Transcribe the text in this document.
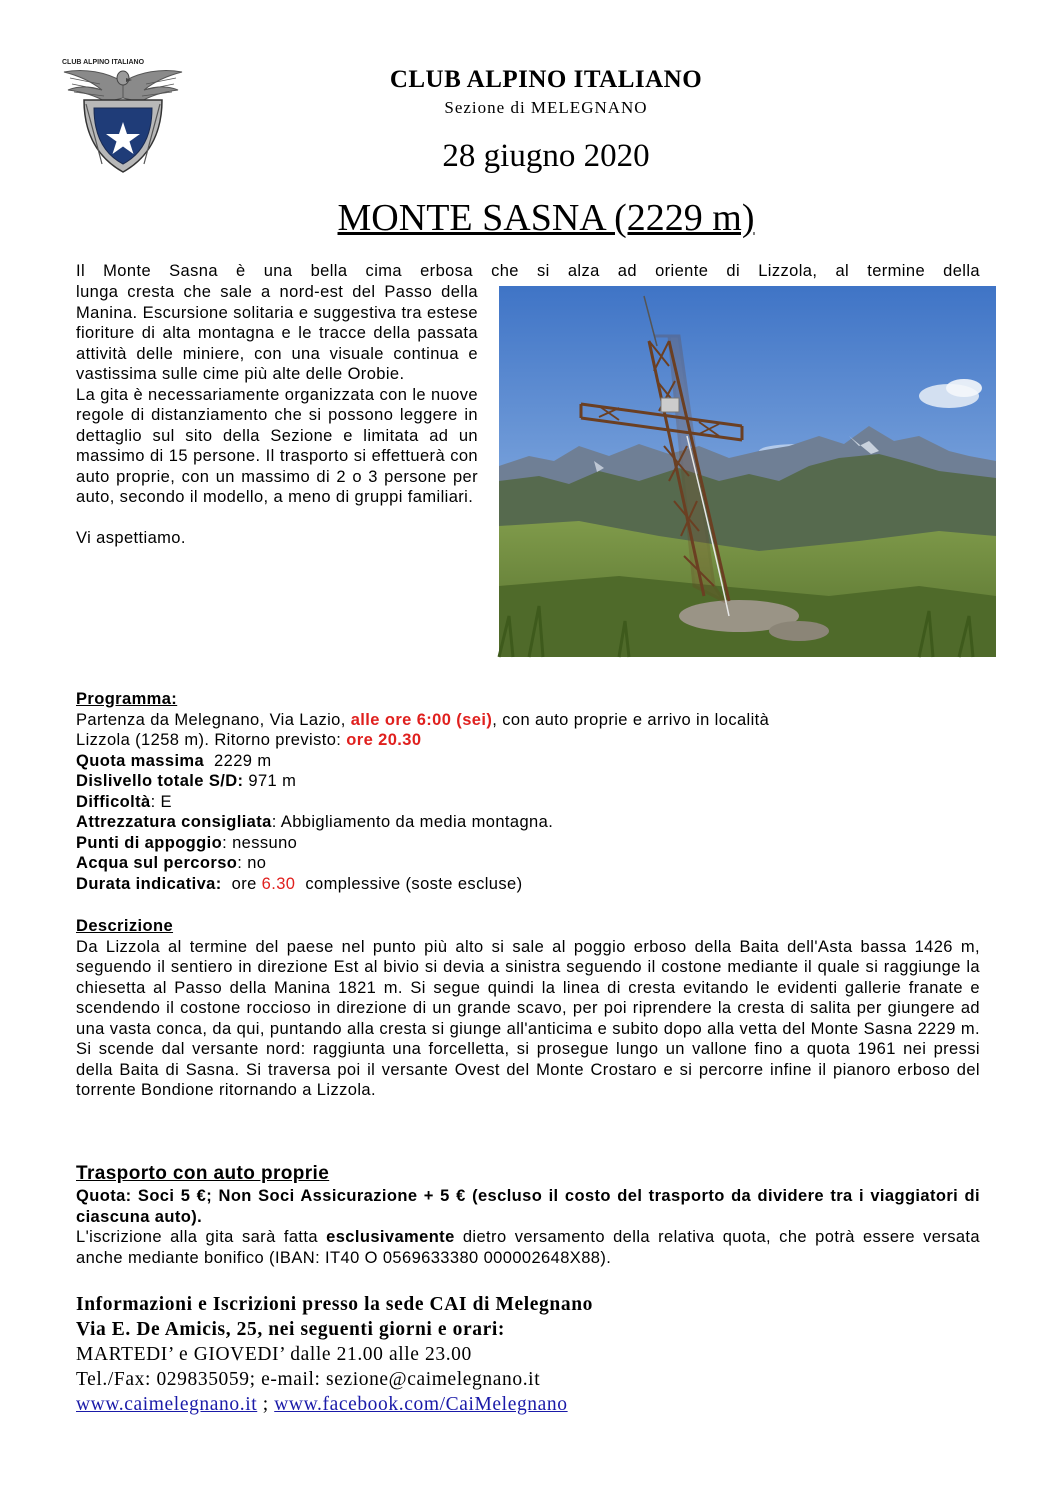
CLUB ALPINO ITALIANO
CLUB ALPINO ITALIANO
Sezione di MELEGNANO
28 giugno 2020
MONTE SASNA (2229 m)
Il Monte Sasna è una bella cima erbosa che si alza ad oriente di Lizzola, al termine della

lunga cresta che sale a nord-est del Passo della Manina. Escursione solitaria e suggestiva tra estese fioriture di alta montagna e le tracce della passata attività delle miniere, con una visuale continua e vastissima sulle cime più alte delle Orobie.

La gita è necessariamente organizzata con le nuove regole di distanziamento che si possono leggere in dettaglio sul sito della Sezione e limitata ad un massimo di 15 persone. Il trasporto si effettuerà con auto proprie, con un massimo di 2 o 3 persone per auto, secondo il modello, a meno di gruppi familiari.

Vi aspettiamo.

Programma:
Partenza da Melegnano, Via Lazio, alle ore 6:00 (sei), con auto proprie e arrivo in località
Lizzola (1258 m). Ritorno previsto: ore 20.30
Quota massima  2229 m
Dislivello totale S/D: 971 m
Difficoltà: E
Attrezzatura consigliata: Abbigliamento da media montagna.
Punti di appoggio: nessuno
Acqua sul percorso: no
Durata indicativa:  ore 6.30  complessive (soste escluse)
Descrizione
Da Lizzola al termine del paese nel punto più alto si sale al poggio erboso della Baita dell'Asta bassa 1426 m, seguendo il sentiero in direzione Est al bivio si devia a sinistra seguendo il costone mediante il quale si raggiunge la chiesetta al Passo della Manina 1821 m. Si segue quindi la linea di cresta evitando le evidenti gallerie franate e scendendo il costone roccioso in direzione di un grande scavo, per poi riprendere la cresta di salita per giungere ad una vasta conca, da qui, puntando alla cresta si giunge all'anticima e subito dopo alla vetta del Monte Sasna 2229 m. Si scende dal versante nord: raggiunta una forcelletta, si prosegue lungo un vallone fino a quota 1961 nei pressi della Baita di Sasna. Si traversa poi il versante Ovest del Monte Crostaro e si percorre infine il pianoro erboso del torrente Bondione ritornando a Lizzola.
Trasporto con auto proprie
Quota: Soci 5 €; Non Soci Assicurazione + 5 € (escluso il costo del trasporto da dividere tra i viaggiatori di ciascuna auto).
L'iscrizione alla gita sarà fatta esclusivamente dietro versamento della relativa quota, che potrà essere versata anche mediante bonifico (IBAN: IT40 O 0569633380 000002648X88).
Informazioni e Iscrizioni presso la sede CAI di Melegnano
Via E. De Amicis, 25, nei seguenti giorni e orari:
MARTEDI’ e GIOVEDI’ dalle 21.00 alle 23.00
Tel./Fax: 029835059; e-mail: sezione@caimelegnano.it
www.caimelegnano.it ; www.facebook.com/CaiMelegnano
